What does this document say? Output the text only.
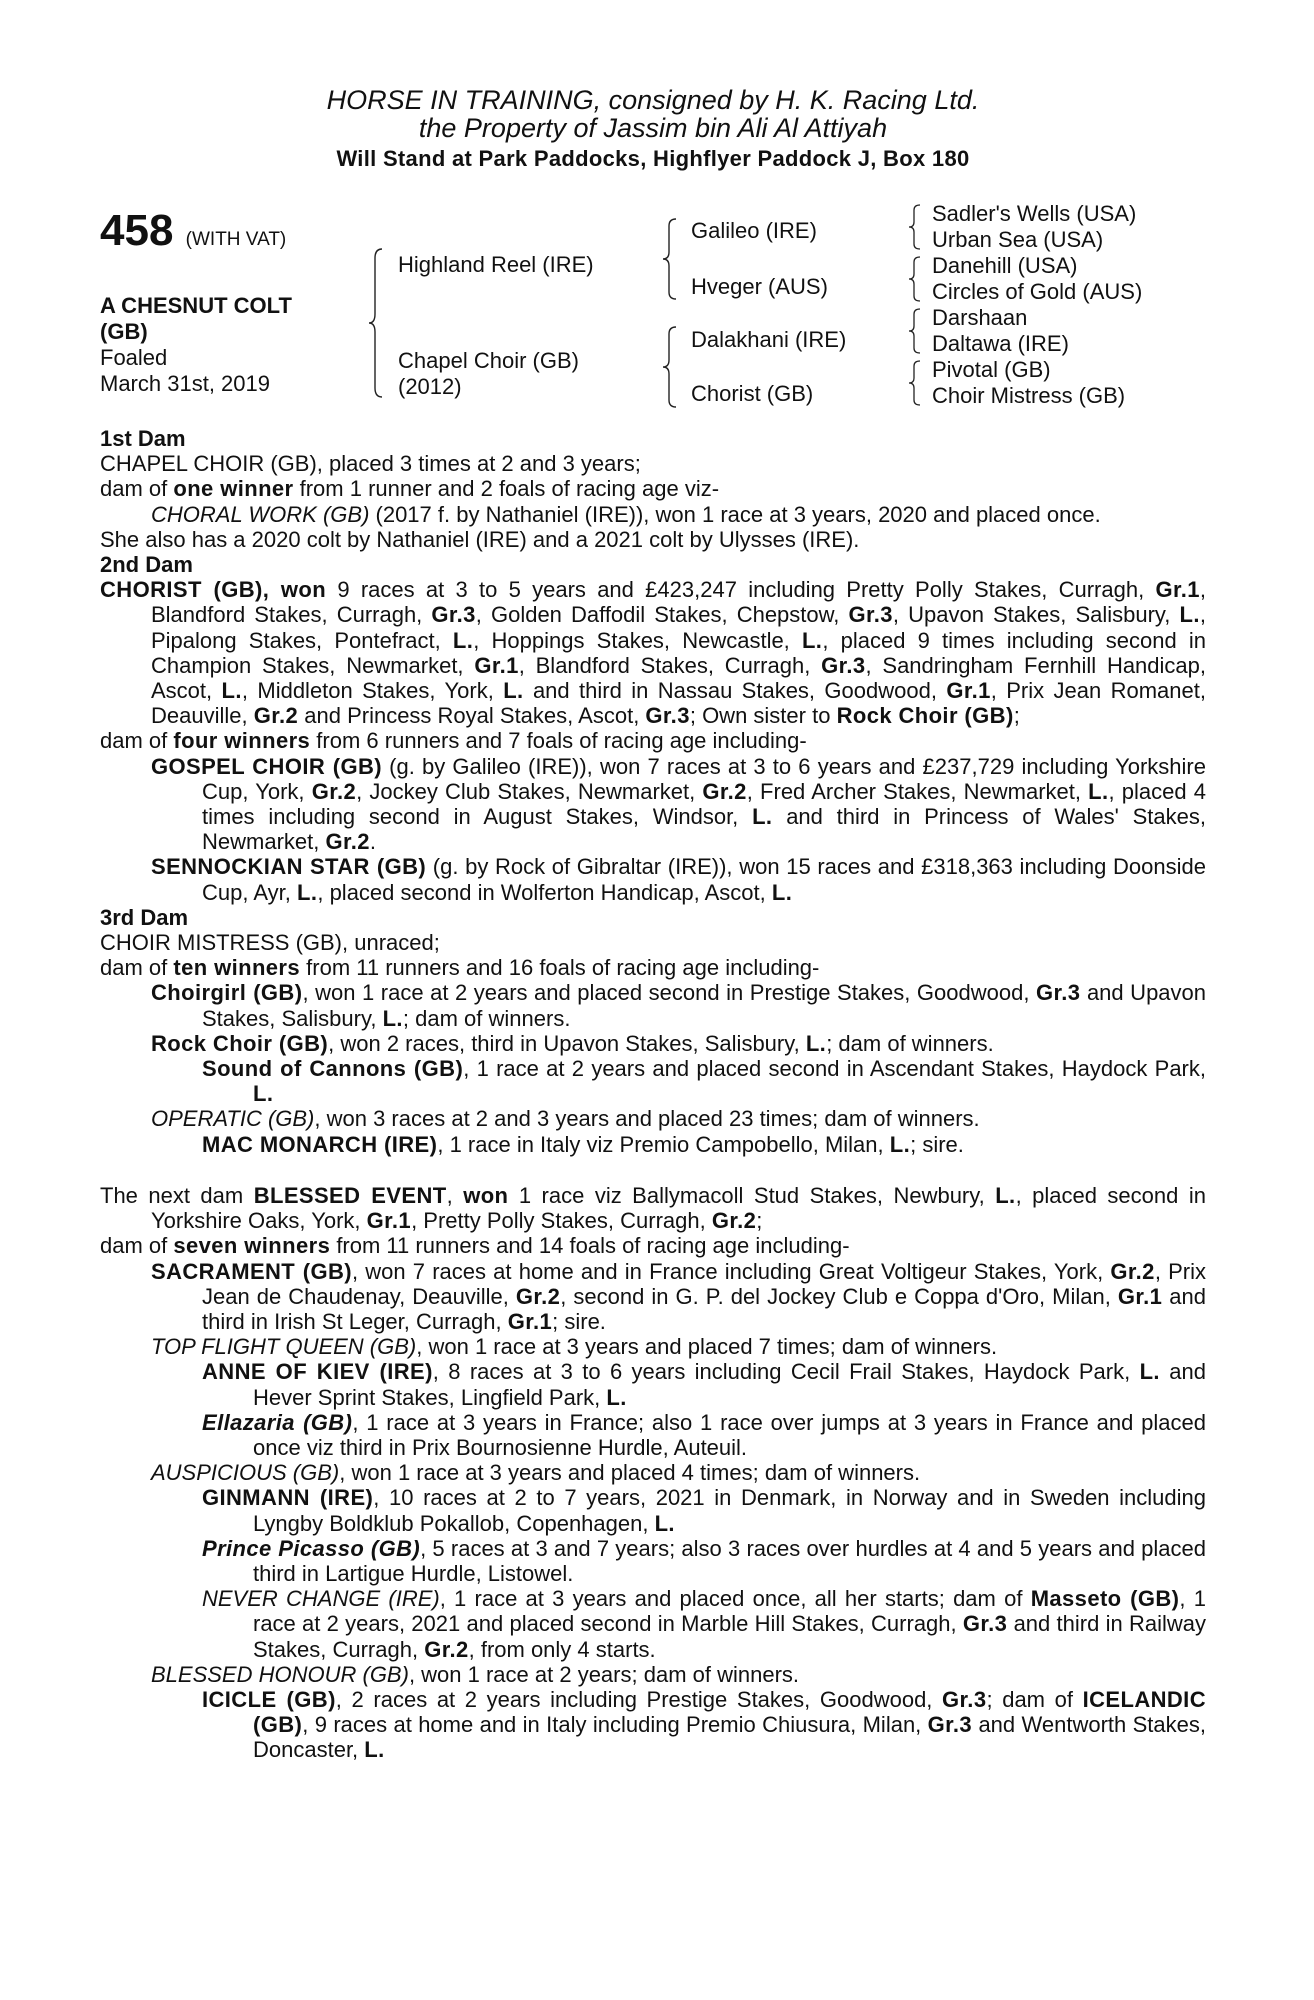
HORSE IN TRAINING, consigned by H. K. Racing Ltd.
the Property of Jassim bin Ali Al Attiyah
Will Stand at Park Paddocks, Highflyer Paddock J, Box 180
458 (WITH VAT)
A CHESNUT COLT
(GB)
Foaled
March 31st, 2019
Highland Reel (IRE)
Chapel Choir (GB)
(2012)
Galileo (IRE)
Hveger (AUS)
Dalakhani (IRE)
Chorist (GB)
Sadler's Wells (USA)
Urban Sea (USA)
Danehill (USA)
Circles of Gold (AUS)
Darshaan
Daltawa (IRE)
Pivotal (GB)
Choir Mistress (GB)

1st Dam

CHAPEL CHOIR (GB), placed 3 times at 2 and 3 years;

dam of one winner from 1 runner and 2 foals of racing age viz-

CHORAL WORK (GB) (2017 f. by Nathaniel (IRE)), won 1 race at 3 years, 2020 and placed once.

She also has a 2020 colt by Nathaniel (IRE) and a 2021 colt by Ulysses (IRE).

2nd Dam

CHORIST (GB), won 9 races at 3 to 5 years and £423,247 including Pretty Polly Stakes, Curragh, Gr.1, Blandford Stakes, Curragh, Gr.3, Golden Daffodil Stakes, Chepstow, Gr.3, Upavon Stakes, Salisbury, L., Pipalong Stakes, Pontefract, L., Hoppings Stakes, Newcastle, L., placed 9 times including second in Champion Stakes, Newmarket, Gr.1, Blandford Stakes, Curragh, Gr.3, Sandringham Fernhill Handicap, Ascot, L., Middleton Stakes, York, L. and third in Nassau Stakes, Goodwood, Gr.1, Prix Jean Romanet, Deauville, Gr.2 and Princess Royal Stakes, Ascot, Gr.3; Own sister to Rock Choir (GB);

dam of four winners from 6 runners and 7 foals of racing age including-

GOSPEL CHOIR (GB) (g. by Galileo (IRE)), won 7 races at 3 to 6 years and £237,729 including Yorkshire Cup, York, Gr.2, Jockey Club Stakes, Newmarket, Gr.2, Fred Archer Stakes, Newmarket, L., placed 4 times including second in August Stakes, Windsor, L. and third in Princess of Wales' Stakes, Newmarket, Gr.2.

SENNOCKIAN STAR (GB) (g. by Rock of Gibraltar (IRE)), won 15 races and £318,363 including Doonside Cup, Ayr, L., placed second in Wolferton Handicap, Ascot, L.

3rd Dam

CHOIR MISTRESS (GB), unraced;

dam of ten winners from 11 runners and 16 foals of racing age including-

Choirgirl (GB), won 1 race at 2 years and placed second in Prestige Stakes, Goodwood, Gr.3 and Upavon Stakes, Salisbury, L.; dam of winners.

Rock Choir (GB), won 2 races, third in Upavon Stakes, Salisbury, L.; dam of winners.

Sound of Cannons (GB), 1 race at 2 years and placed second in Ascendant Stakes, Haydock Park, L.

OPERATIC (GB), won 3 races at 2 and 3 years and placed 23 times; dam of winners.

MAC MONARCH (IRE), 1 race in Italy viz Premio Campobello, Milan, L.; sire.

The next dam BLESSED EVENT, won 1 race viz Ballymacoll Stud Stakes, Newbury, L., placed second in Yorkshire Oaks, York, Gr.1, Pretty Polly Stakes, Curragh, Gr.2;

dam of seven winners from 11 runners and 14 foals of racing age including-

SACRAMENT (GB), won 7 races at home and in France including Great Voltigeur Stakes, York, Gr.2, Prix Jean de Chaudenay, Deauville, Gr.2, second in G. P. del Jockey Club e Coppa d'Oro, Milan, Gr.1 and third in Irish St Leger, Curragh, Gr.1; sire.

TOP FLIGHT QUEEN (GB), won 1 race at 3 years and placed 7 times; dam of winners.

ANNE OF KIEV (IRE), 8 races at 3 to 6 years including Cecil Frail Stakes, Haydock Park, L. and Hever Sprint Stakes, Lingfield Park, L.

Ellazaria (GB), 1 race at 3 years in France; also 1 race over jumps at 3 years in France and placed once viz third in Prix Bournosienne Hurdle, Auteuil.

AUSPICIOUS (GB), won 1 race at 3 years and placed 4 times; dam of winners.

GINMANN (IRE), 10 races at 2 to 7 years, 2021 in Denmark, in Norway and in Sweden including Lyngby Boldklub Pokallob, Copenhagen, L.

Prince Picasso (GB), 5 races at 3 and 7 years; also 3 races over hurdles at 4 and 5 years and placed third in Lartigue Hurdle, Listowel.

NEVER CHANGE (IRE), 1 race at 3 years and placed once, all her starts; dam of Masseto (GB), 1 race at 2 years, 2021 and placed second in Marble Hill Stakes, Curragh, Gr.3 and third in Railway Stakes, Curragh, Gr.2, from only 4 starts.

BLESSED HONOUR (GB), won 1 race at 2 years; dam of winners.

ICICLE (GB), 2 races at 2 years including Prestige Stakes, Goodwood, Gr.3; dam of ICELANDIC (GB), 9 races at home and in Italy including Premio Chiusura, Milan, Gr.3 and Wentworth Stakes, Doncaster, L.
